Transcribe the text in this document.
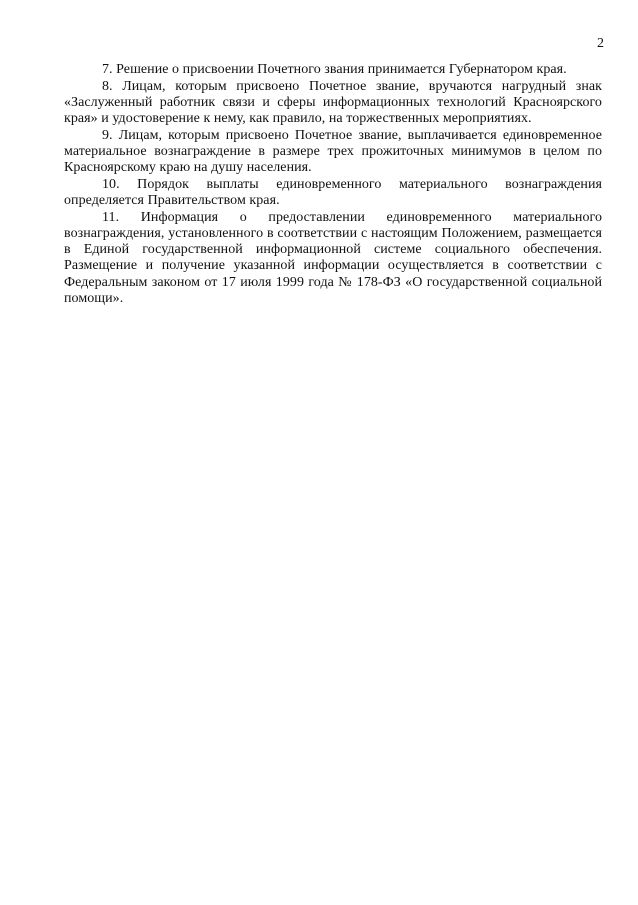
2

7. Решение о присвоении Почетного звания принимается Губернатором края.

8. Лицам, которым присвоено Почетное звание, вручаются нагрудный знак «Заслуженный работник связи и сферы информационных технологий Красноярского края» и удостоверение к нему, как правило, на торжественных мероприятиях.

9. Лицам, которым присвоено Почетное звание, выплачивается единовременное материальное вознаграждение в размере трех прожиточных минимумов в целом по Красноярскому краю на душу населения.

10. Порядок выплаты единовременного материального вознаграждения определяется Правительством края.

11. Информация о предоставлении единовременного материального вознаграждения, установленного в соответствии с настоящим Положением, размещается в Единой государственной информационной системе социального обеспечения. Размещение и получение указанной информации осуществляется в соответствии с Федеральным законом от 17 июля 1999 года № 178-ФЗ «О государственной социальной помощи».
